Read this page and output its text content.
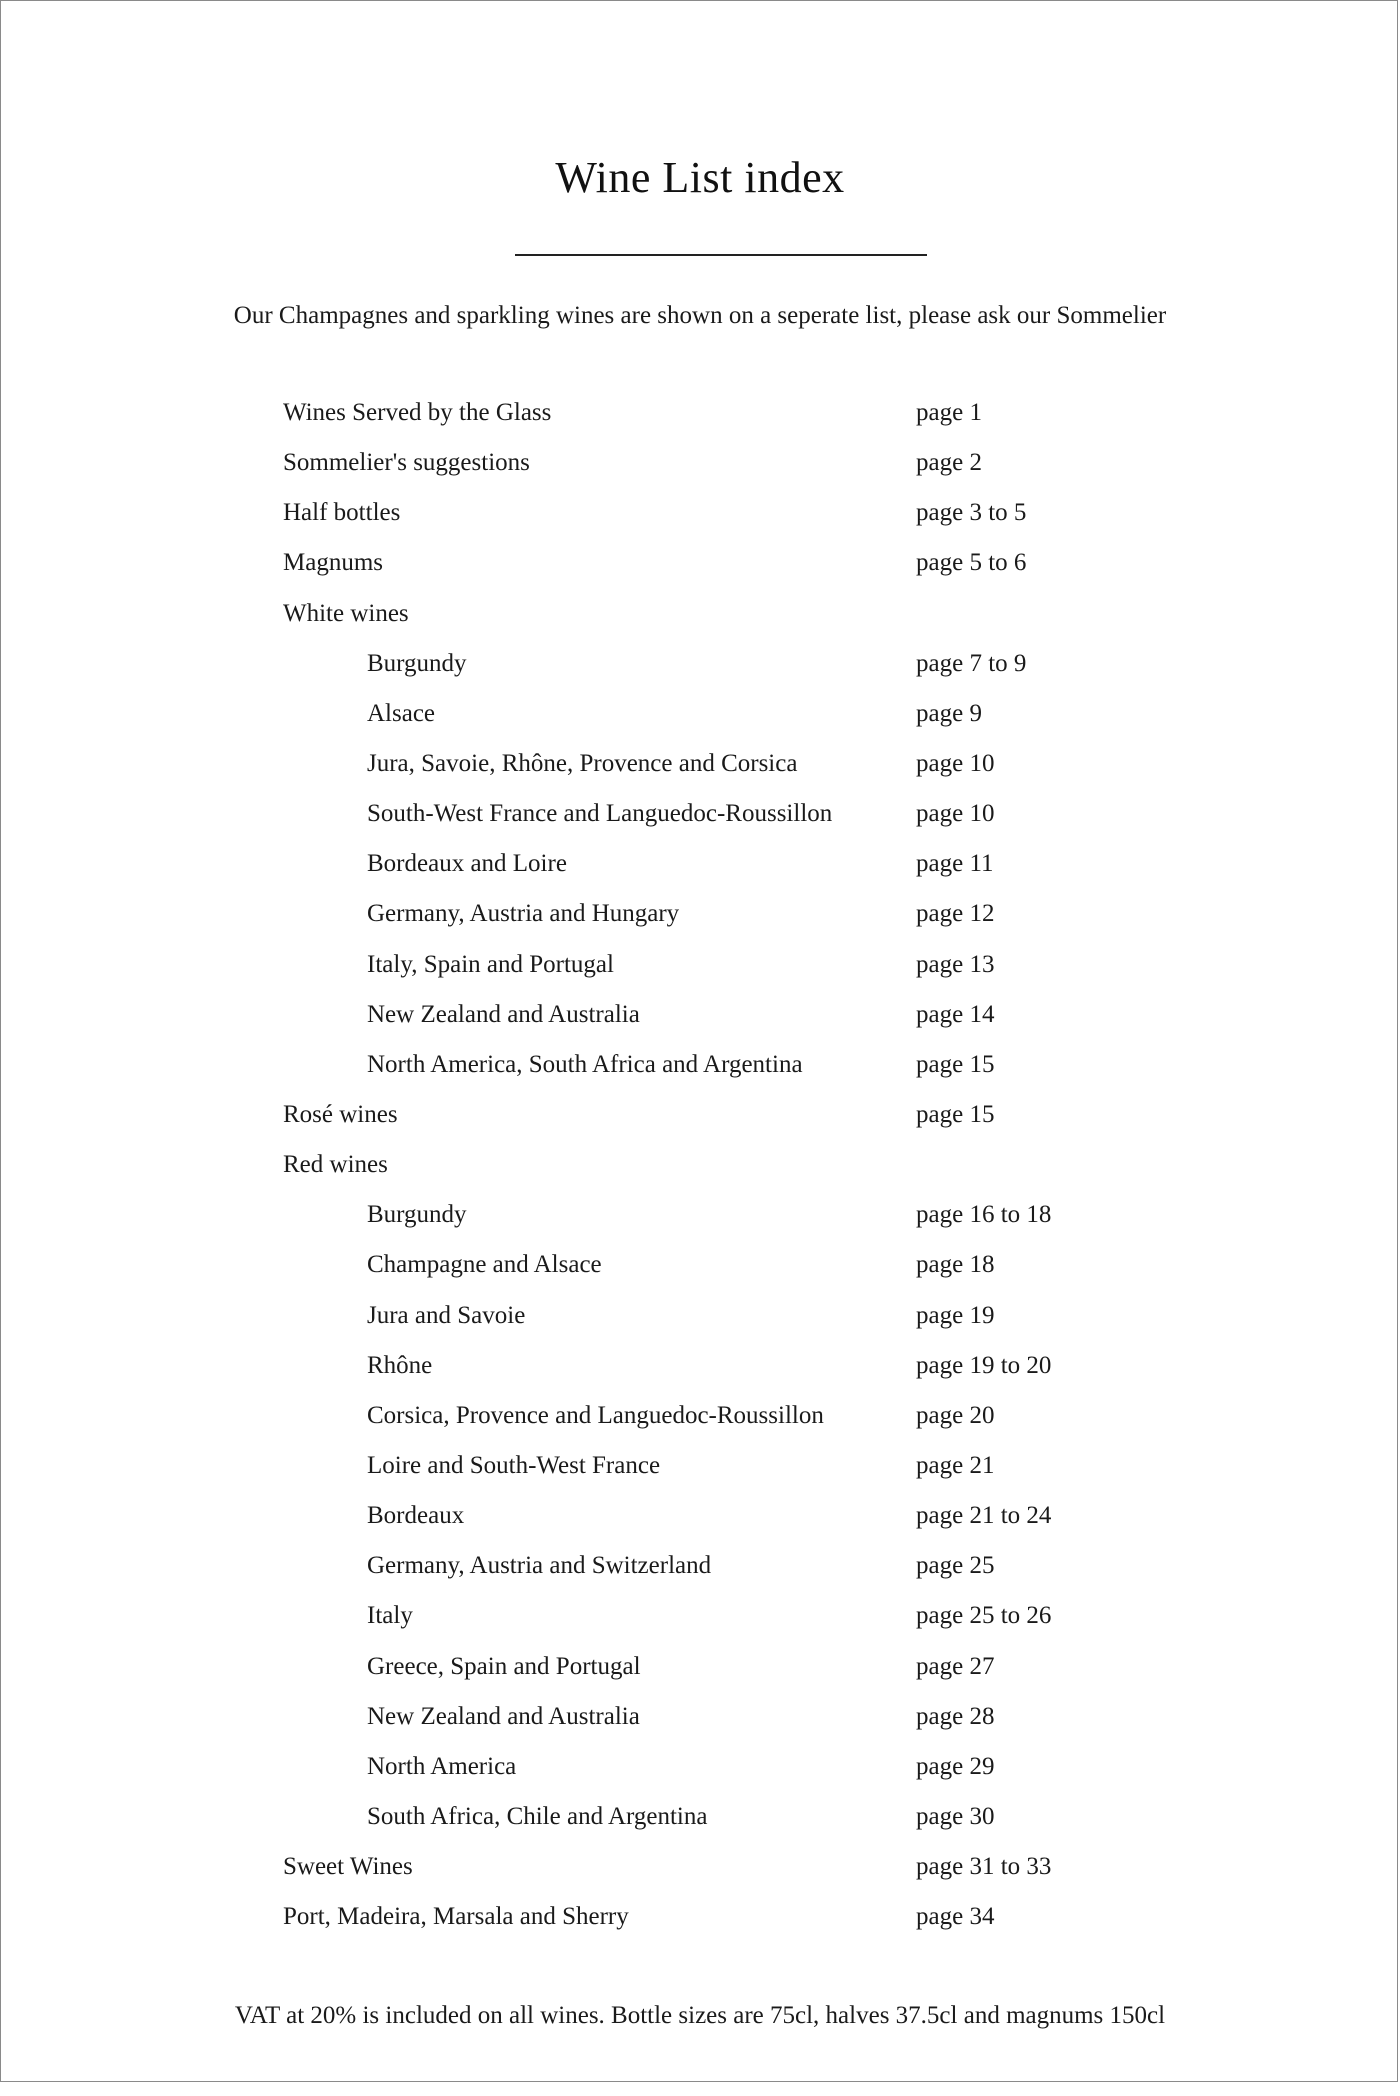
Wine List index

Our Champagnes and sparkling wines are shown on a seperate list, please ask our Sommelier

Wines Served by the Glass	page 1
Sommelier's suggestions	page 2
Half bottles	page 3 to 5
Magnums	page 5 to 6
White wines
Burgundy	page 7 to 9
Alsace	page 9
Jura, Savoie, Rhône, Provence and Corsica	page 10
South-West France and Languedoc-Roussillon	page 10
Bordeaux and Loire	page 11
Germany, Austria and Hungary	page 12
Italy, Spain and Portugal	page 13
New Zealand and Australia	page 14
North America, South Africa and Argentina	page 15
Rosé wines	page 15
Red wines
Burgundy	page 16 to 18
Champagne and Alsace	page 18
Jura and Savoie	page 19
Rhône	page 19 to 20
Corsica, Provence and Languedoc-Roussillon	page 20
Loire and South-West France	page 21
Bordeaux	page 21 to 24
Germany, Austria and Switzerland	page 25
Italy	page 25 to 26
Greece, Spain and Portugal	page 27
New Zealand and Australia	page 28
North America	page 29
South Africa, Chile and Argentina	page 30
Sweet Wines	page 31 to 33
Port, Madeira, Marsala and Sherry	page 34

VAT at 20% is included on all wines. Bottle sizes are 75cl, halves 37.5cl and magnums 150cl
